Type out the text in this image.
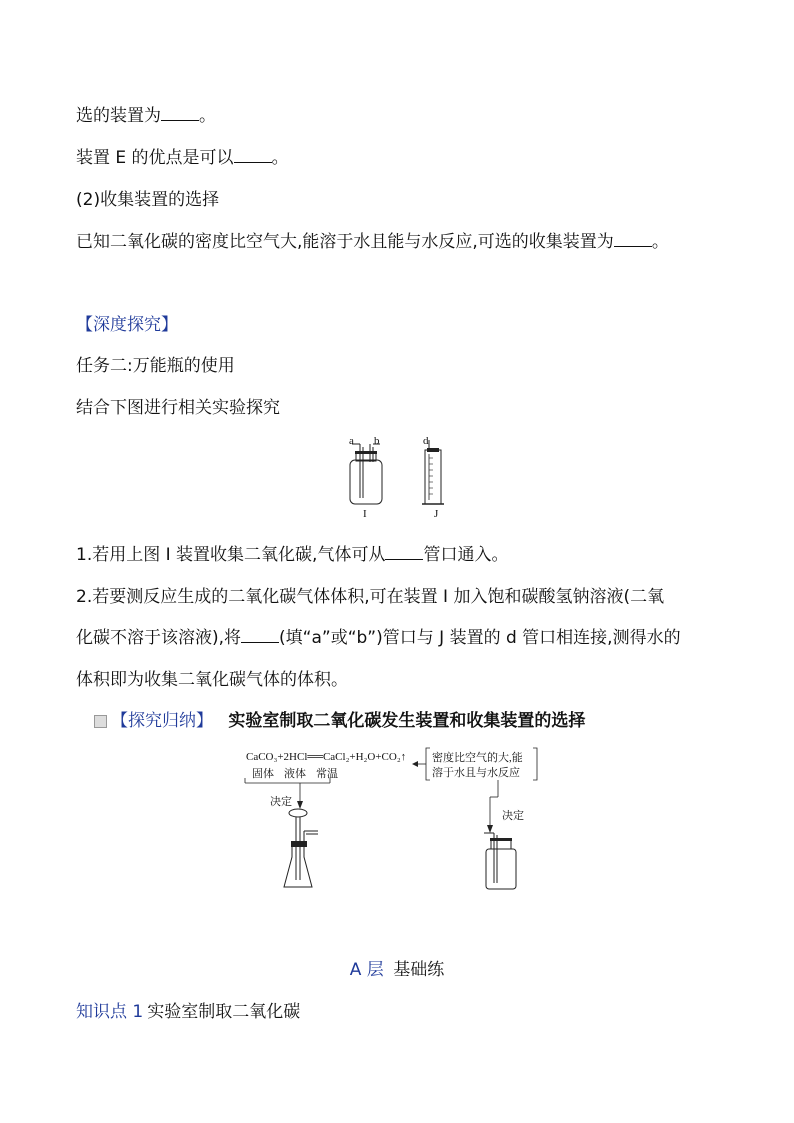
选的装置为 。
装置 E 的优点是可以 。
(2)收集装置的选择
已知二氧化碳的密度比空气大,能溶于水且能与水反应,可选的收集装置为 。
【深度探究】
任务二:万能瓶的使用
结合下图进行相关实验探究
a b	d
I	J
1.若用上图 I 装置收集二氧化碳,气体可从 管口通入。
2.若要测反应生成的二氧化碳气体体积,可在装置 I 加入饱和碳酸氢钠溶液(二氧
化碳不溶于该溶液),将 (填“a”或“b”)管口与 J 装置的 d 管口相连接,测得水的
体积即为收集二氧化碳气体的体积。
【探究归纳】 实验室制取二氧化碳发生装置和收集装置的选择
CaCO₃+2HCl══CaCl₂+H₂O+CO₂↑
固体 液体 常温
决定
密度比空气的大,能
溶于水且与水反应
决定
A 层 基础练
知识点 1 实验室制取二氧化碳
